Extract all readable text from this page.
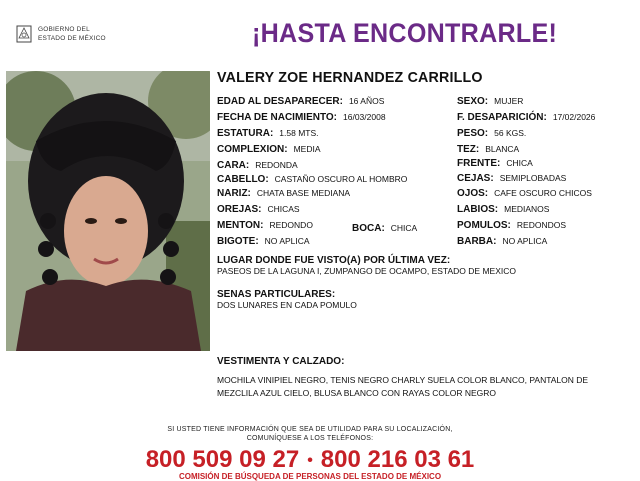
GOBIERNO DEL
ESTADO DE MÉXICO	¡HASTA ENCONTRARLE!
VALERY ZOE HERNANDEZ CARRILLO
EDAD AL DESAPARECER: 16 AÑOS
FECHA DE NACIMIENTO: 16/03/2008
ESTATURA: 1.58 MTS.
COMPLEXION: MEDIA
CARA: REDONDA
CABELLO: CASTAÑO OSCURO AL HOMBRO
NARIZ: CHATA BASE MEDIANA
OREJAS: CHICAS
MENTON: REDONDO	BOCA: CHICA
BIGOTE: NO APLICA
SEXO: MUJER
F. DESAPARICIÓN: 17/02/2026
PESO: 56 KGS.
TEZ: BLANCA
FRENTE: CHICA
CEJAS: SEMIPLOBADAS
OJOS: CAFE OSCURO CHICOS
LABIOS: MEDIANOS
POMULOS: REDONDOS
BARBA: NO APLICA
LUGAR DONDE FUE VISTO(A) POR ÚLTIMA VEZ:
PASEOS DE LA LAGUNA I, ZUMPANGO DE OCAMPO, ESTADO DE MEXICO
SENAS PARTICULARES:
DOS LUNARES EN CADA POMULO
VESTIMENTA Y CALZADO:
MOCHILA VINIPIEL NEGRO, TENIS NEGRO CHARLY SUELA COLOR BLANCO, PANTALON DE MEZCLILA AZUL CIELO, BLUSA BLANCO CON RAYAS COLOR NEGRO
SI USTED TIENE INFORMACIÓN QUE SEA DE UTILIDAD PARA SU LOCALIZACIÓN,
COMUNÍQUESE A LOS TELÉFONOS:
800 509 09 27 • 800 216 03 61
COMISIÓN DE BÚSQUEDA DE PERSONAS DEL ESTADO DE MÉXICO
